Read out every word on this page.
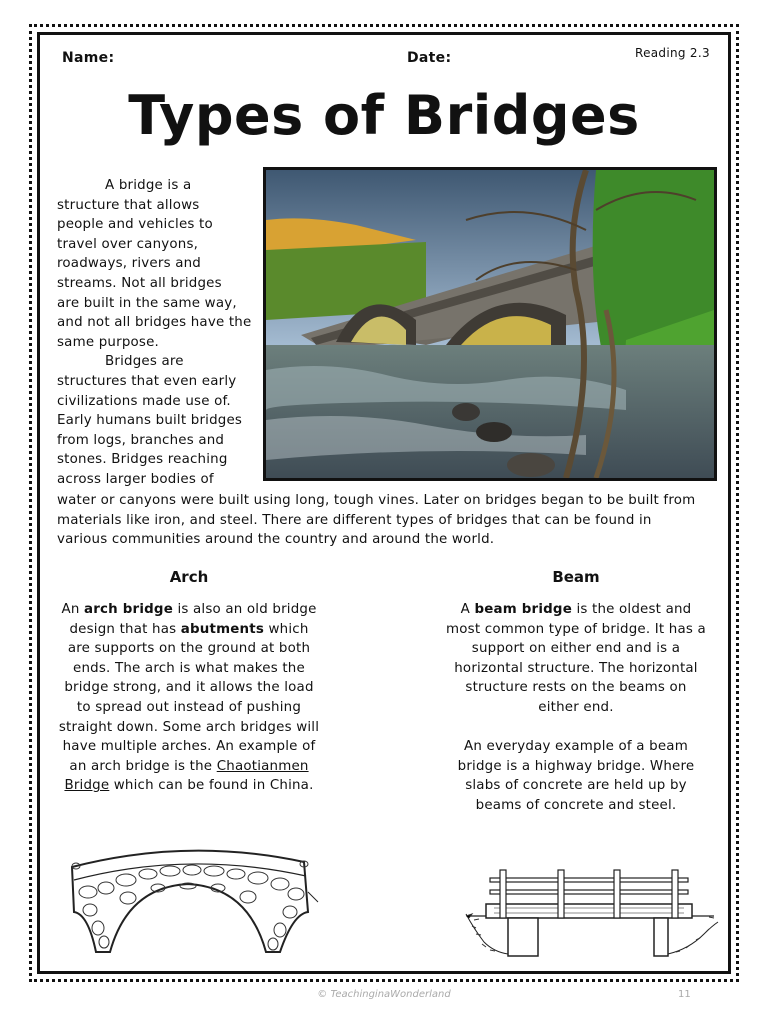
Name:	Date:	Reading 2.3
Types of Bridges

A bridge is a
structure that allows
people and vehicles to
travel over canyons,
roadways, rivers and
streams. Not all bridges
are built in the same way,
and not all bridges have the
same purpose.

Bridges are
structures that even early
civilizations made use of.
Early humans built bridges
from logs, branches and
stones. Bridges reaching
across larger bodies of

water or canyons were built using long, tough vines. Later on bridges began to be built from materials like iron, and steel. There are different types of bridges that can be found in various communities around the country and around the world.

Arch

An arch bridge is also an old bridge design that has abutments which are supports on the ground at both ends. The arch is what makes the bridge strong, and it allows the load to spread out instead of pushing straight down. Some arch bridges will have multiple arches. An example of an arch bridge is the Chaotianmen Bridge which can be found in China.

Beam

A beam bridge is the oldest and most common type of bridge. It has a support on either end and is a horizontal structure. The horizontal structure rests on the beams on either end.

An everyday example of a beam bridge is a highway bridge. Where slabs of concrete are held up by beams of concrete and steel.

© TeachinginaWonderland	11
